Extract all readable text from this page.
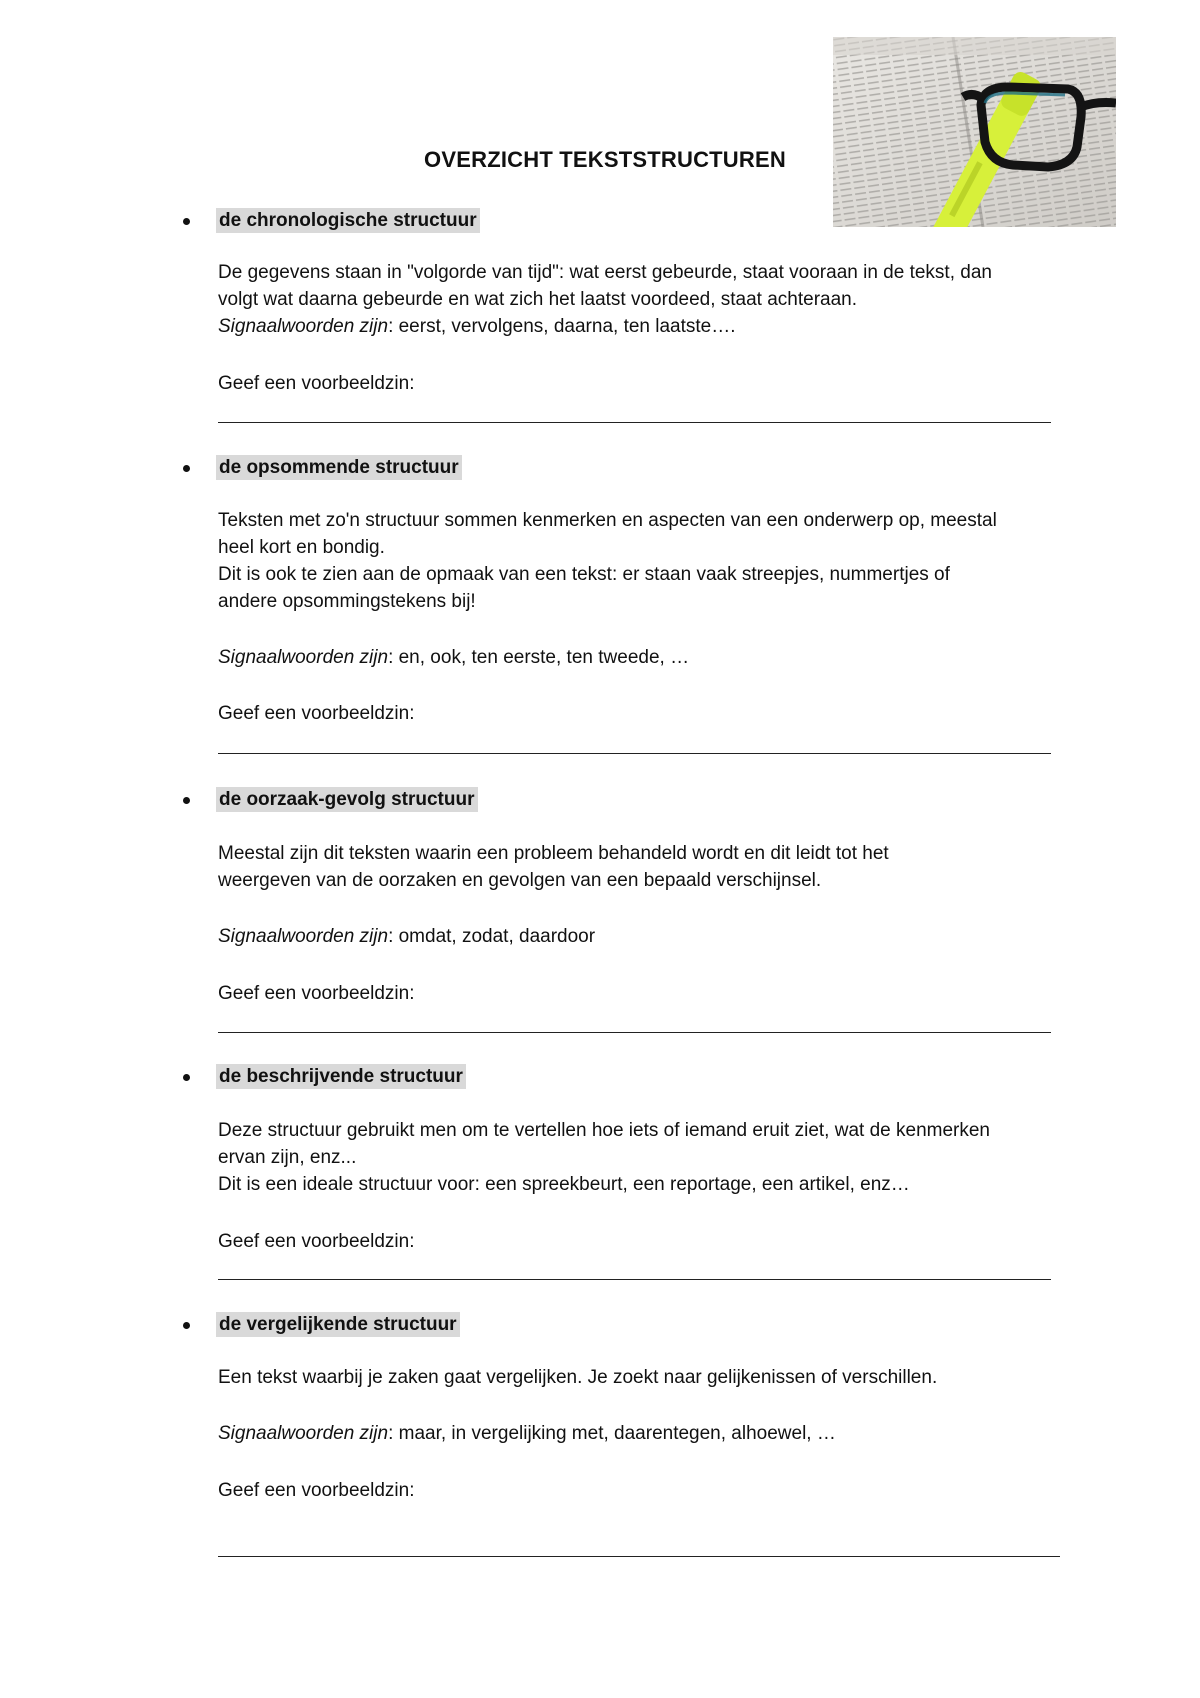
OVERZICHT TEKSTSTRUCTUREN
de chronologische structuur

De gegevens staan in "volgorde van tijd": wat eerst gebeurde, staat vooraan in de tekst, dan

volgt wat daarna gebeurde en wat zich het laatst voordeed, staat achteraan.

Signaalwoorden zijn: eerst, vervolgens, daarna, ten laatste….

Geef een voorbeeldzin:

de opsommende structuur

Teksten met zo'n structuur sommen kenmerken en aspecten van een onderwerp op, meestal

heel kort en bondig.

Dit is ook te zien aan de opmaak van een tekst: er staan vaak streepjes, nummertjes of

andere opsommingstekens bij!

Signaalwoorden zijn: en, ook, ten eerste, ten tweede, …

Geef een voorbeeldzin:

de oorzaak-gevolg structuur

Meestal zijn dit teksten waarin een probleem behandeld wordt en dit leidt tot het

weergeven van de oorzaken en gevolgen van een bepaald verschijnsel.

Signaalwoorden zijn: omdat, zodat, daardoor

Geef een voorbeeldzin:

de beschrijvende structuur

Deze structuur gebruikt men om te vertellen hoe iets of iemand eruit ziet, wat de kenmerken

ervan zijn, enz...

Dit is een ideale structuur voor: een spreekbeurt, een reportage, een artikel, enz…

Geef een voorbeeldzin:

de vergelijkende structuur

Een tekst waarbij je zaken gaat vergelijken. Je zoekt naar gelijkenissen of verschillen.

Signaalwoorden zijn: maar, in vergelijking met, daarentegen, alhoewel, …

Geef een voorbeeldzin:
